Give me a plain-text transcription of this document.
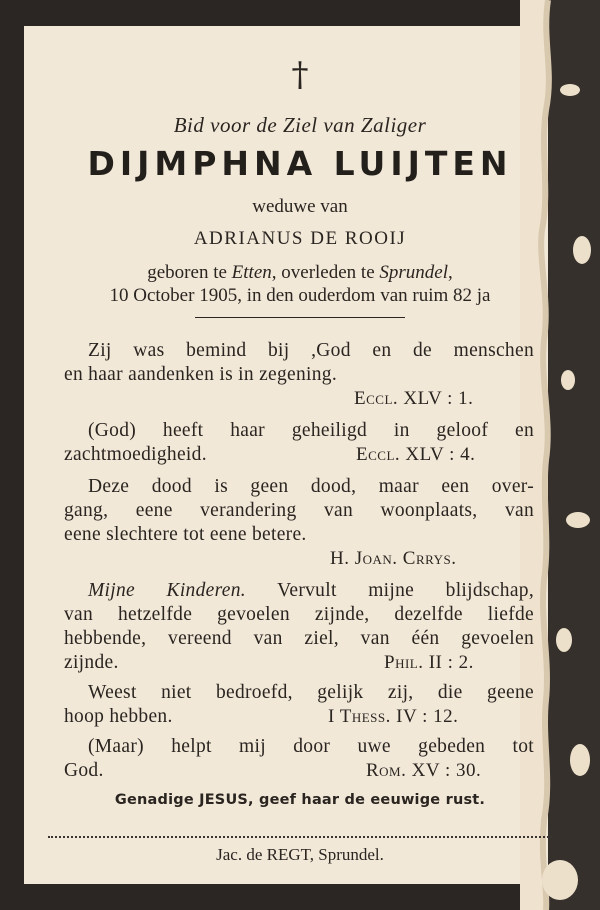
†
Bid voor de Ziel van Zaliger
DIJMPHNA LUIJTEN
weduwe van
ADRIANUS DE ROOIJ
geboren te Etten, overleden te Sprundel,
10 October 1905, in den ouderdom van ruim 82 ja
Zij was bemind bij ,God en de menschen
en haar aandenken is in zegening.
Eccl. XLV : 1.
(God) heeft haar geheiligd in geloof en
zachtmoedigheid.	Eccl. XLV : 4.
Deze dood is geen dood, maar een over-
gang, eene verandering van woonplaats, van
eene slechtere tot eene betere.
H. Joan. Crrys.
Mijne Kinderen. Vervult mijne blijdschap,
van hetzelfde gevoelen zijnde, dezelfde liefde
hebbende, vereend van ziel, van één gevoelen
zijnde.	Phil. II : 2.
Weest niet bedroefd, gelijk zij, die geene
hoop hebben.	I Thess. IV : 12.
(Maar) helpt mij door uwe gebeden tot
God.	Rom. XV : 30.
Genadige JESUS, geef haar de eeuwige rust.
Jac. de REGT, Sprundel.
